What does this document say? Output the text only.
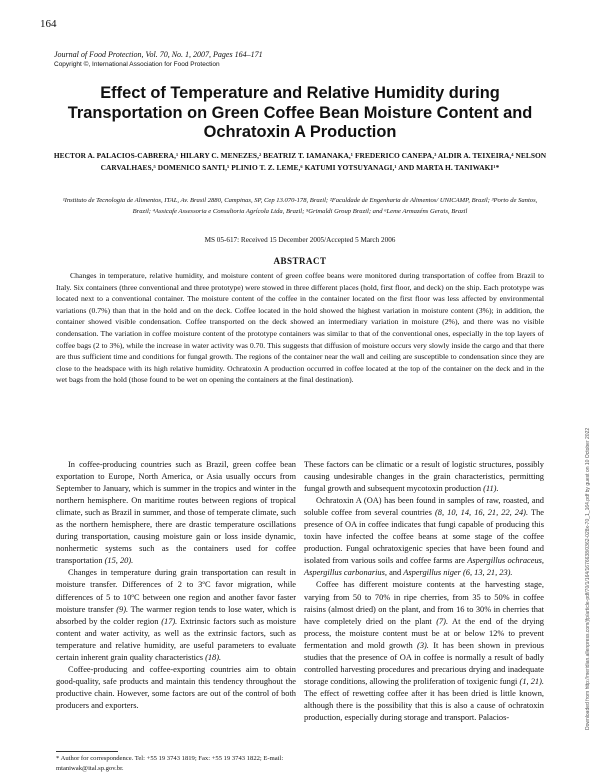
164
Journal of Food Protection, Vol. 70, No. 1, 2007, Pages 164–171
Copyright ©, International Association for Food Protection
Effect of Temperature and Relative Humidity during Transportation on Green Coffee Bean Moisture Content and Ochratoxin A Production
HECTOR A. PALACIOS-CABRERA,¹ HILARY C. MENEZES,² BEATRIZ T. IAMANAKA,¹ FREDERICO CANEPA,³ ALDIR A. TEIXEIRA,⁴ NELSON CARVALHAES,⁵ DOMENICO SANTI,⁵ PLINIO T. Z. LEME,⁶ KATUMI YOTSUYANAGI,¹ AND MARTA H. TANIWAKI¹*
¹Instituto de Tecnologia de Alimentos, ITAL, Av. Brasil 2880, Campinas, SP, Cep 13.070-178, Brazil; ²Faculdade de Engenharia de Alimentos/ UNICAMP, Brazil; ³Porto de Santos, Brazil; ⁴Assicafe Assessoria e Consultoria Agrícola Ltda, Brazil; ⁵Grimaldi Group Brazil; and ⁶Leme Armazéns Gerais, Brazil
MS 05-617: Received 15 December 2005/Accepted 5 March 2006
ABSTRACT
Changes in temperature, relative humidity, and moisture content of green coffee beans were monitored during transportation of coffee from Brazil to Italy. Six containers (three conventional and three prototype) were stowed in three different places (hold, first floor, and deck) on the ship. Each prototype was located next to a conventional container. The moisture content of the coffee in the container located on the first floor was less affected by environmental variations (0.7%) than that in the hold and on the deck. Coffee located in the hold showed the highest variation in moisture content (3%); in addition, the container showed visible condensation. Coffee transported on the deck showed an intermediary variation in moisture (2%), and there was no visible condensation. The variation in coffee moisture content of the prototype containers was similar to that of the conventional ones, especially in the top layers of coffee bags (2 to 3%), while the increase in water activity was 0.70. This suggests that diffusion of moisture occurs very slowly inside the cargo and that there are thus sufficient time and conditions for fungal growth. The regions of the container near the wall and ceiling are susceptible to condensation since they are close to the headspace with its high relative humidity. Ochratoxin A production occurred in coffee located at the top of the container on the deck and in the wet bags from the hold (those found to be wet on opening the containers at the final destination).

In coffee-producing countries such as Brazil, green coffee bean exportation to Europe, North America, or Asia usually occurs from September to January, which is summer in the tropics and winter in the northern hemisphere. On maritime routes between regions of tropical climate, such as Brazil in summer, and those of temperate climate, such as the northern hemisphere, there are drastic temperature oscillations during transportation, causing moisture gain or loss inside dynamic, nonhermetic systems such as the containers used for coffee transportation (15, 20).

Changes in temperature during grain transportation can result in moisture transfer. Differences of 2 to 3ºC favor migration, while differences of 5 to 10ºC between one region and another favor faster moisture transfer (9). The warmer region tends to lose water, which is absorbed by the colder region (17). Extrinsic factors such as moisture content and water activity, as well as the extrinsic factors, such as temperature and relative humidity, are useful parameters to evaluate certain inherent grain quality characteristics (18).

Coffee-producing and coffee-exporting countries aim to obtain good-quality, safe products and maintain this tendency throughout the productive chain. However, some factors are out of the control of both producers and exporters.

These factors can be climatic or a result of logistic structures, possibly causing undesirable changes in the grain characteristics, permitting fungal growth and subsequent mycotoxin production (11).

Ochratoxin A (OA) has been found in samples of raw, roasted, and soluble coffee from several countries (8, 10, 14, 16, 21, 22, 24). The presence of OA in coffee indicates that fungi capable of producing this toxin have infected the coffee beans at some stage of the coffee production. Fungal ochratoxigenic species that have been found and isolated from various soils and coffee farms are Aspergillus ochraceus, Aspergillus carbonarius, and Aspergillus niger (6, 13, 21, 23).

Coffee has different moisture contents at the harvesting stage, varying from 50 to 70% in ripe cherries, from 35 to 50% in coffee raisins (almost dried) on the plant, and from 16 to 30% in cherries that have completely dried on the plant (7). At the end of the drying process, the moisture content must be at or below 12% to prevent fermentation and mold growth (3). It has been shown in previous studies that the presence of OA in coffee is normally a result of badly controlled harvesting procedures and precarious drying and inadequate storage conditions, allowing the proliferation of toxigenic fungi (1, 21). The effect of rewetting coffee after it has been dried is little known, although there is the possibility that this is also a cause of ochratoxin production, especially during storage and transport. Palacios-

* Author for correspondence. Tel: +55 19 3743 1819; Fax: +55 19 3743 1822; E-mail: mtaniwak@ital.sp.gov.br.
Downloaded from http://meridian.allenpress.com/jfp/article-pdf/70/1/164/1676638/0362-028x-70_1_164.pdf by guest on 10 October 2022
